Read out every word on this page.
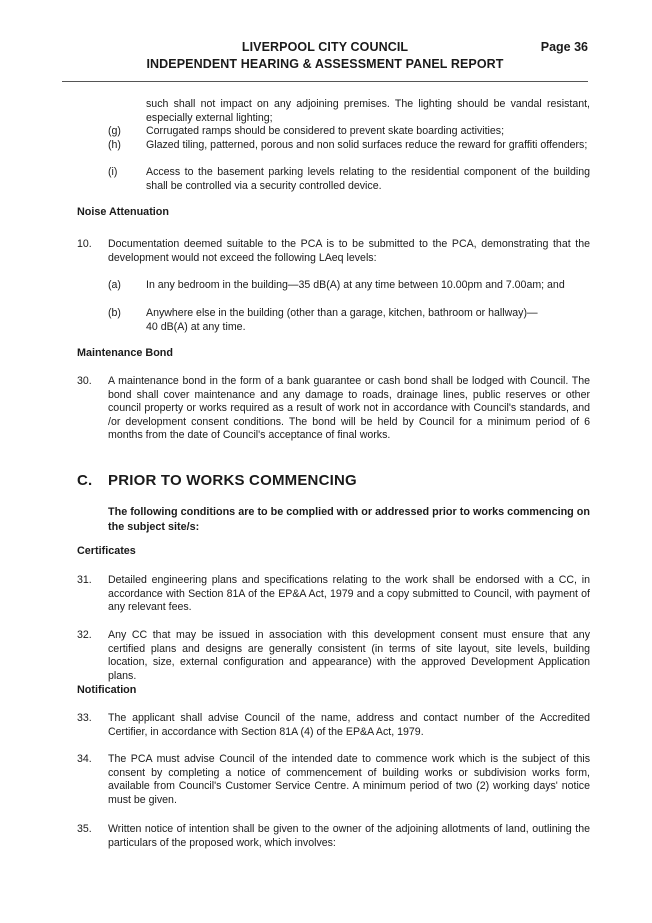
LIVERPOOL CITY COUNCIL
INDEPENDENT HEARING & ASSESSMENT PANEL REPORT
Page 36
such shall not impact on any adjoining premises. The lighting should be vandal resistant, especially external lighting;
(g) Corrugated ramps should be considered to prevent skate boarding activities;
(h) Glazed tiling, patterned, porous and non solid surfaces reduce the reward for graffiti offenders;
(i)	Access to the basement parking levels relating to the residential component of the building shall be controlled via a security controlled device.
Noise Attenuation
10. Documentation deemed suitable to the PCA is to be submitted to the PCA, demonstrating that the development would not exceed the following LAeq levels:
(a) In any bedroom in the building—35 dB(A) at any time between 10.00pm and 7.00am; and
(b) Anywhere else in the building (other than a garage, kitchen, bathroom or hallway)—40 dB(A) at any time.
Maintenance Bond
30. A maintenance bond in the form of a bank guarantee or cash bond shall be lodged with Council. The bond shall cover maintenance and any damage to roads, drainage lines, public reserves or other council property or works required as a result of work not in accordance with Council's standards, and /or development consent conditions. The bond will be held by Council for a minimum period of 6 months from the date of Council's acceptance of final works.
C. PRIOR TO WORKS COMMENCING
The following conditions are to be complied with or addressed prior to works commencing on the subject site/s:
Certificates
31. Detailed engineering plans and specifications relating to the work shall be endorsed with a CC, in accordance with Section 81A of the EP&A Act, 1979 and a copy submitted to Council, with payment of any relevant fees.
32. Any CC that may be issued in association with this development consent must ensure that any certified plans and designs are generally consistent (in terms of site layout, site levels, building location, size, external configuration and appearance) with the approved Development Application plans.
Notification
33. The applicant shall advise Council of the name, address and contact number of the Accredited Certifier, in accordance with Section 81A (4) of the EP&A Act, 1979.
34. The PCA must advise Council of the intended date to commence work which is the subject of this consent by completing a notice of commencement of building works or subdivision works form, available from Council's Customer Service Centre. A minimum period of two (2) working days' notice must be given.
35. Written notice of intention shall be given to the owner of the adjoining allotments of land, outlining the particulars of the proposed work, which involves:
